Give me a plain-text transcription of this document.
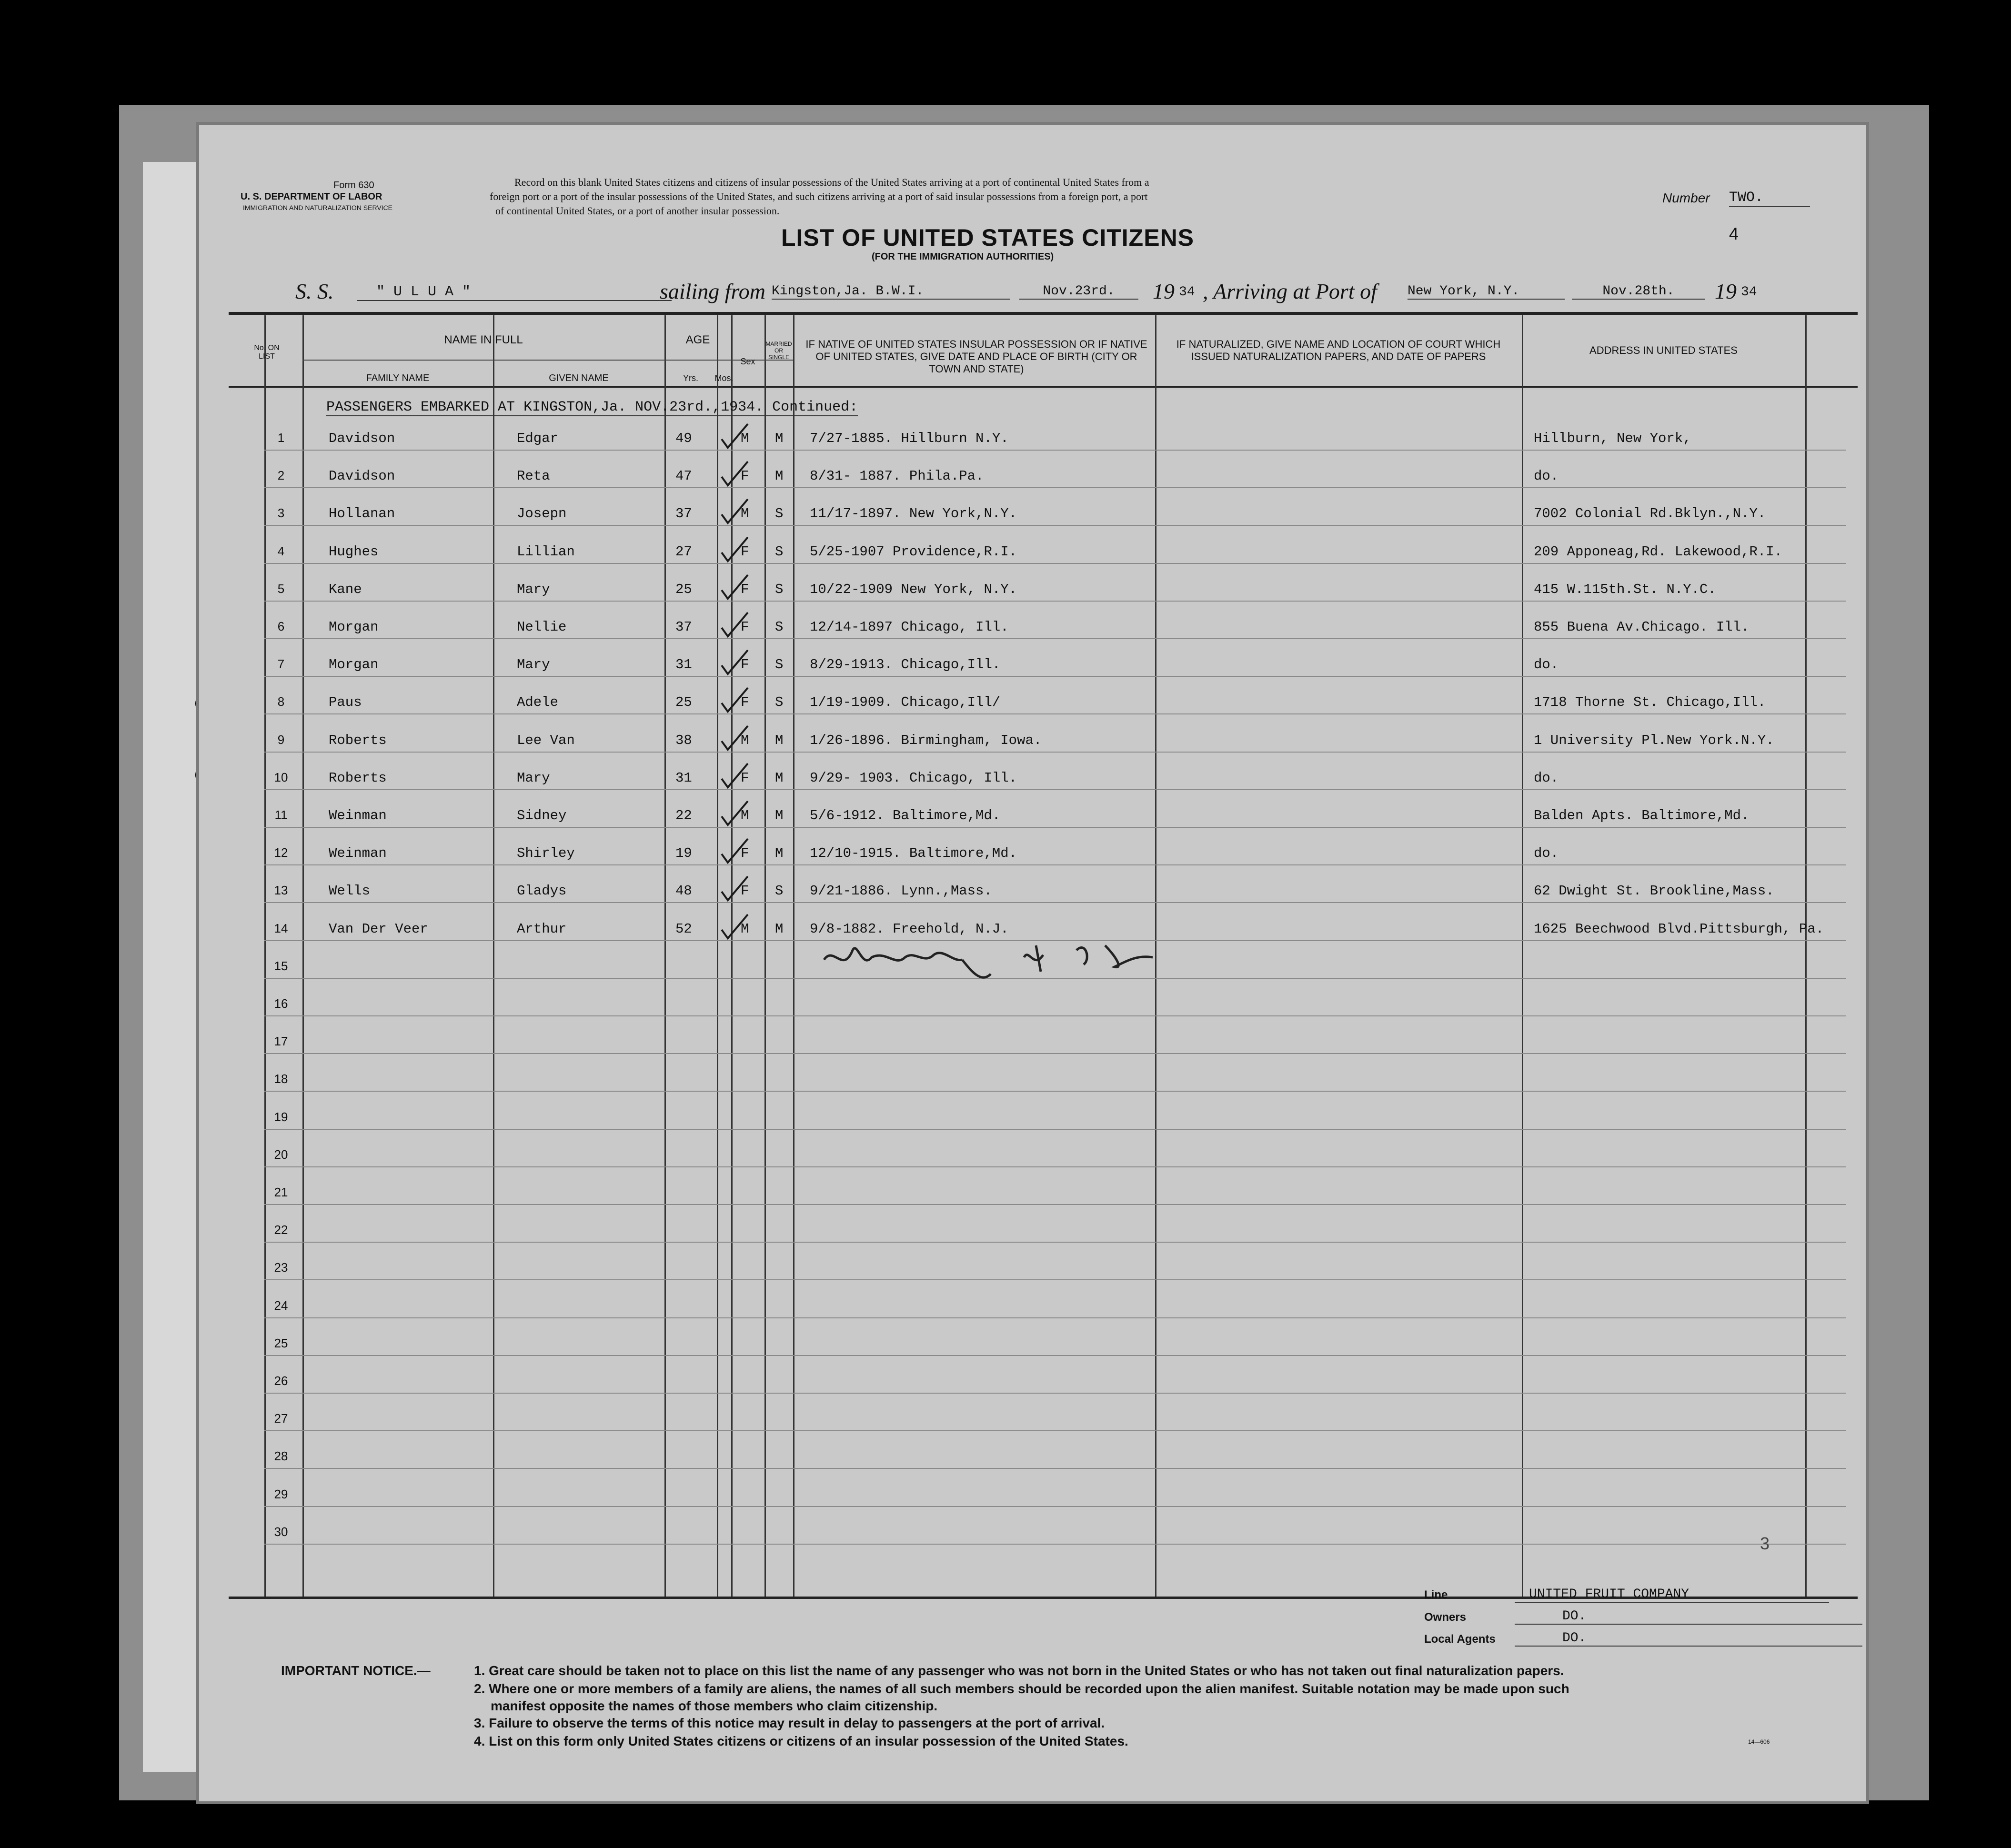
Form 630
U. S. DEPARTMENT OF LABOR
IMMIGRATION AND NATURALIZATION SERVICE
Record on this blank United States citizens and citizens of insular possessions of the United States arriving at a port of continental United States from a
foreign port or a port of the insular possessions of the United States, and such citizens arriving at a port of said insular possessions from a foreign port, a port
of continental United States, or a port of another insular possession.
Number TWO.
4
LIST OF UNITED STATES CITIZENS
(FOR THE IMMIGRATION AUTHORITIES)
S. S.	" U L U A "	sailing from Kingston,Ja. B.W.I.	Nov.23rd.	19 34 , Arriving at Port of New York, N.Y.	Nov.28th.	19 34
No. ON LIST
NAME IN FULL
FAMILY NAME	GIVEN NAME
AGE
Yrs.	Mos.
Sex
MARRIED OR SINGLE
IF NATIVE OF UNITED STATES INSULAR POSSESSION OR IF NATIVE OF UNITED STATES, GIVE DATE AND PLACE OF BIRTH (CITY OR TOWN AND STATE)
IF NATURALIZED, GIVE NAME AND LOCATION OF COURT WHICH ISSUED NATURALIZATION PAPERS, AND DATE OF PAPERS
ADDRESS IN UNITED STATES
PASSENGERS EMBARKED AT KINGSTON,Ja. NOV.23rd.,1934. Continued:
1	Davidson	Edgar	49	M M 7/27-1885. Hillburn N.Y.	Hillburn, New York,
2	Davidson	Reta	47	F M 8/31- 1887. Phila.Pa.	do.
3	Hollanan	Josepn	37	M S 11/17-1897. New York,N.Y.	7002 Colonial Rd.Bklyn.,N.Y.
4	Hughes	Lillian	27	F S 5/25-1907 Providence,R.I.	209 Apponeag,Rd. Lakewood,R.I.
5	Kane	Mary	25	F S 10/22-1909 New York, N.Y.	415 W.115th.St. N.Y.C.
6	Morgan	Nellie	37	F S 12/14-1897 Chicago, Ill.	855 Buena Av.Chicago. Ill.
7	Morgan	Mary	31	F S 8/29-1913. Chicago,Ill.	do.
8	Paus	Adele	25	F S 1/19-1909. Chicago,Ill/	1718 Thorne St. Chicago,Ill.
9	Roberts	Lee Van	38	M M 1/26-1896. Birmingham, Iowa.	1 University Pl.New York.N.Y.
10	Roberts	Mary	31	F M 9/29- 1903. Chicago, Ill.	do.
11	Weinman	Sidney	22	M M 5/6-1912. Baltimore,Md.	Balden Apts. Baltimore,Md.
12	Weinman	Shirley	19	F M 12/10-1915. Baltimore,Md.	do.
13	Wells	Gladys	48	F S 9/21-1886. Lynn.,Mass.	62 Dwight St. Brookline,Mass.
14	Van Der Veer	Arthur	52	M M 9/8-1882. Freehold, N.J.	1625 Beechwood Blvd.Pittsburgh, Pa.
15
16
17
18
19
20
21
22
23
24
25
26
27
28
29
30
3
Line	UNITED FRUIT COMPANY
Owners	DO.
Local Agents	DO.
IMPORTANT NOTICE.—	1. Great care should be taken not to place on this list the name of any passenger who was not born in the United States or who has not taken out final naturalization papers.
2. Where one or more members of a family are aliens, the names of all such members should be recorded upon the alien manifest. Suitable notation may be made upon such
manifest opposite the names of those members who claim citizenship.
3. Failure to observe the terms of this notice may result in delay to passengers at the port of arrival.
4. List on this form only United States citizens or citizens of an insular possession of the United States.	14—606
